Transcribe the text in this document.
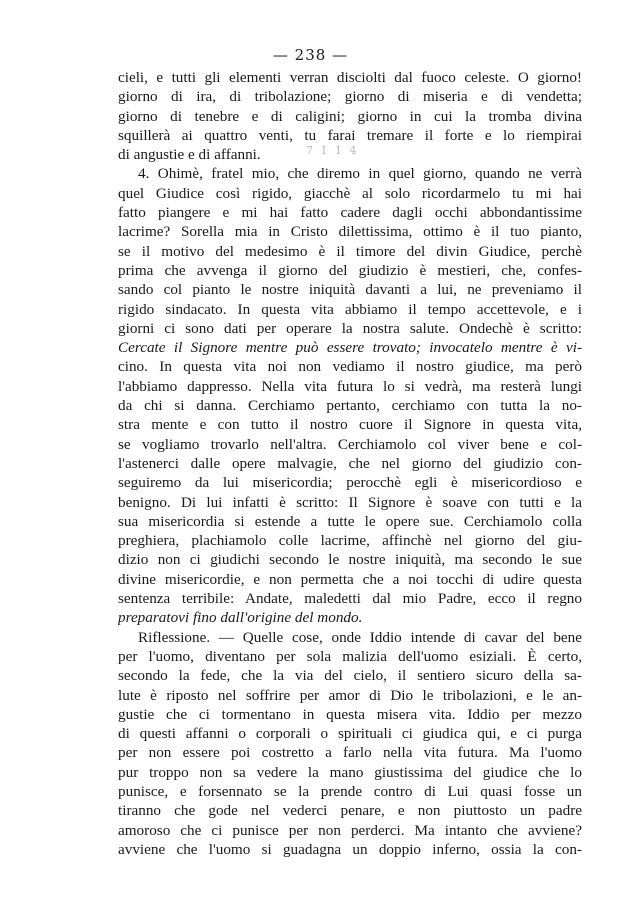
— 238 —
7 1 1 4
cieli, e tutti gli elementi verran disciolti dal fuoco celeste. O giorno!
giorno di ira, di tribolazione; giorno di miseria e di vendetta;
giorno di tenebre e di caligini; giorno in cui la tromba divina
squillerà ai quattro venti, tu farai tremare il forte e lo riempirai
di angustie e di affanni.
4. Ohimè, fratel mio, che diremo in quel giorno, quando ne verrà
quel Giudice così rigido, giacchè al solo ricordarmelo tu mi hai
fatto piangere e mi hai fatto cadere dagli occhi abbondantissime
lacrime? Sorella mia in Cristo dilettissima, ottimo è il tuo pianto,
se il motivo del medesimo è il timore del divin Giudice, perchè
prima che avvenga il giorno del giudizio è mestieri, che, confes-
sando col pianto le nostre iniquità davanti a lui, ne preveniamo il
rigido sindacato. In questa vita abbiamo il tempo accettevole, e i
giorni ci sono dati per operare la nostra salute. Ondechè è scritto:
Cercate il Signore mentre può essere trovato; invocatelo mentre è vi-
cino. In questa vita noi non vediamo il nostro giudice, ma però
l'abbiamo dappresso. Nella vita futura lo si vedrà, ma resterà lungi
da chi si danna. Cerchiamo pertanto, cerchiamo con tutta la no-
stra mente e con tutto il nostro cuore il Signore in questa vita,
se vogliamo trovarlo nell'altra. Cerchiamolo col viver bene e col-
l'astenerci dalle opere malvagie, che nel giorno del giudizio con-
seguiremo da lui misericordia; perocchè egli è misericordioso e
benigno. Di lui infatti è scritto: Il Signore è soave con tutti e la
sua misericordia si estende a tutte le opere sue. Cerchiamolo colla
preghiera, plachiamolo colle lacrime, affinchè nel giorno del giu-
dizio non ci giudichi secondo le nostre iniquità, ma secondo le sue
divine misericordie, e non permetta che a noi tocchi di udire questa
sentenza terribile: Andate, maledetti dal mio Padre, ecco il regno
preparatovi fino dall'origine del mondo.
Riflessione. — Quelle cose, onde Iddio intende di cavar del bene
per l'uomo, diventano per sola malizia dell'uomo esiziali. È certo,
secondo la fede, che la via del cielo, il sentiero sicuro della sa-
lute è riposto nel soffrire per amor di Dio le tribolazioni, e le an-
gustie che ci tormentano in questa misera vita. Iddio per mezzo
di questi affanni o corporali o spirituali ci giudica qui, e ci purga
per non essere poi costretto a farlo nella vita futura. Ma l'uomo
pur troppo non sa vedere la mano giustissima del giudice che lo
punisce, e forsennato se la prende contro di Lui quasi fosse un
tiranno che gode nel vederci penare, e non piuttosto un padre
amoroso che ci punisce per non perderci. Ma intanto che avviene?
avviene che l'uomo si guadagna un doppio inferno, ossia la con-
